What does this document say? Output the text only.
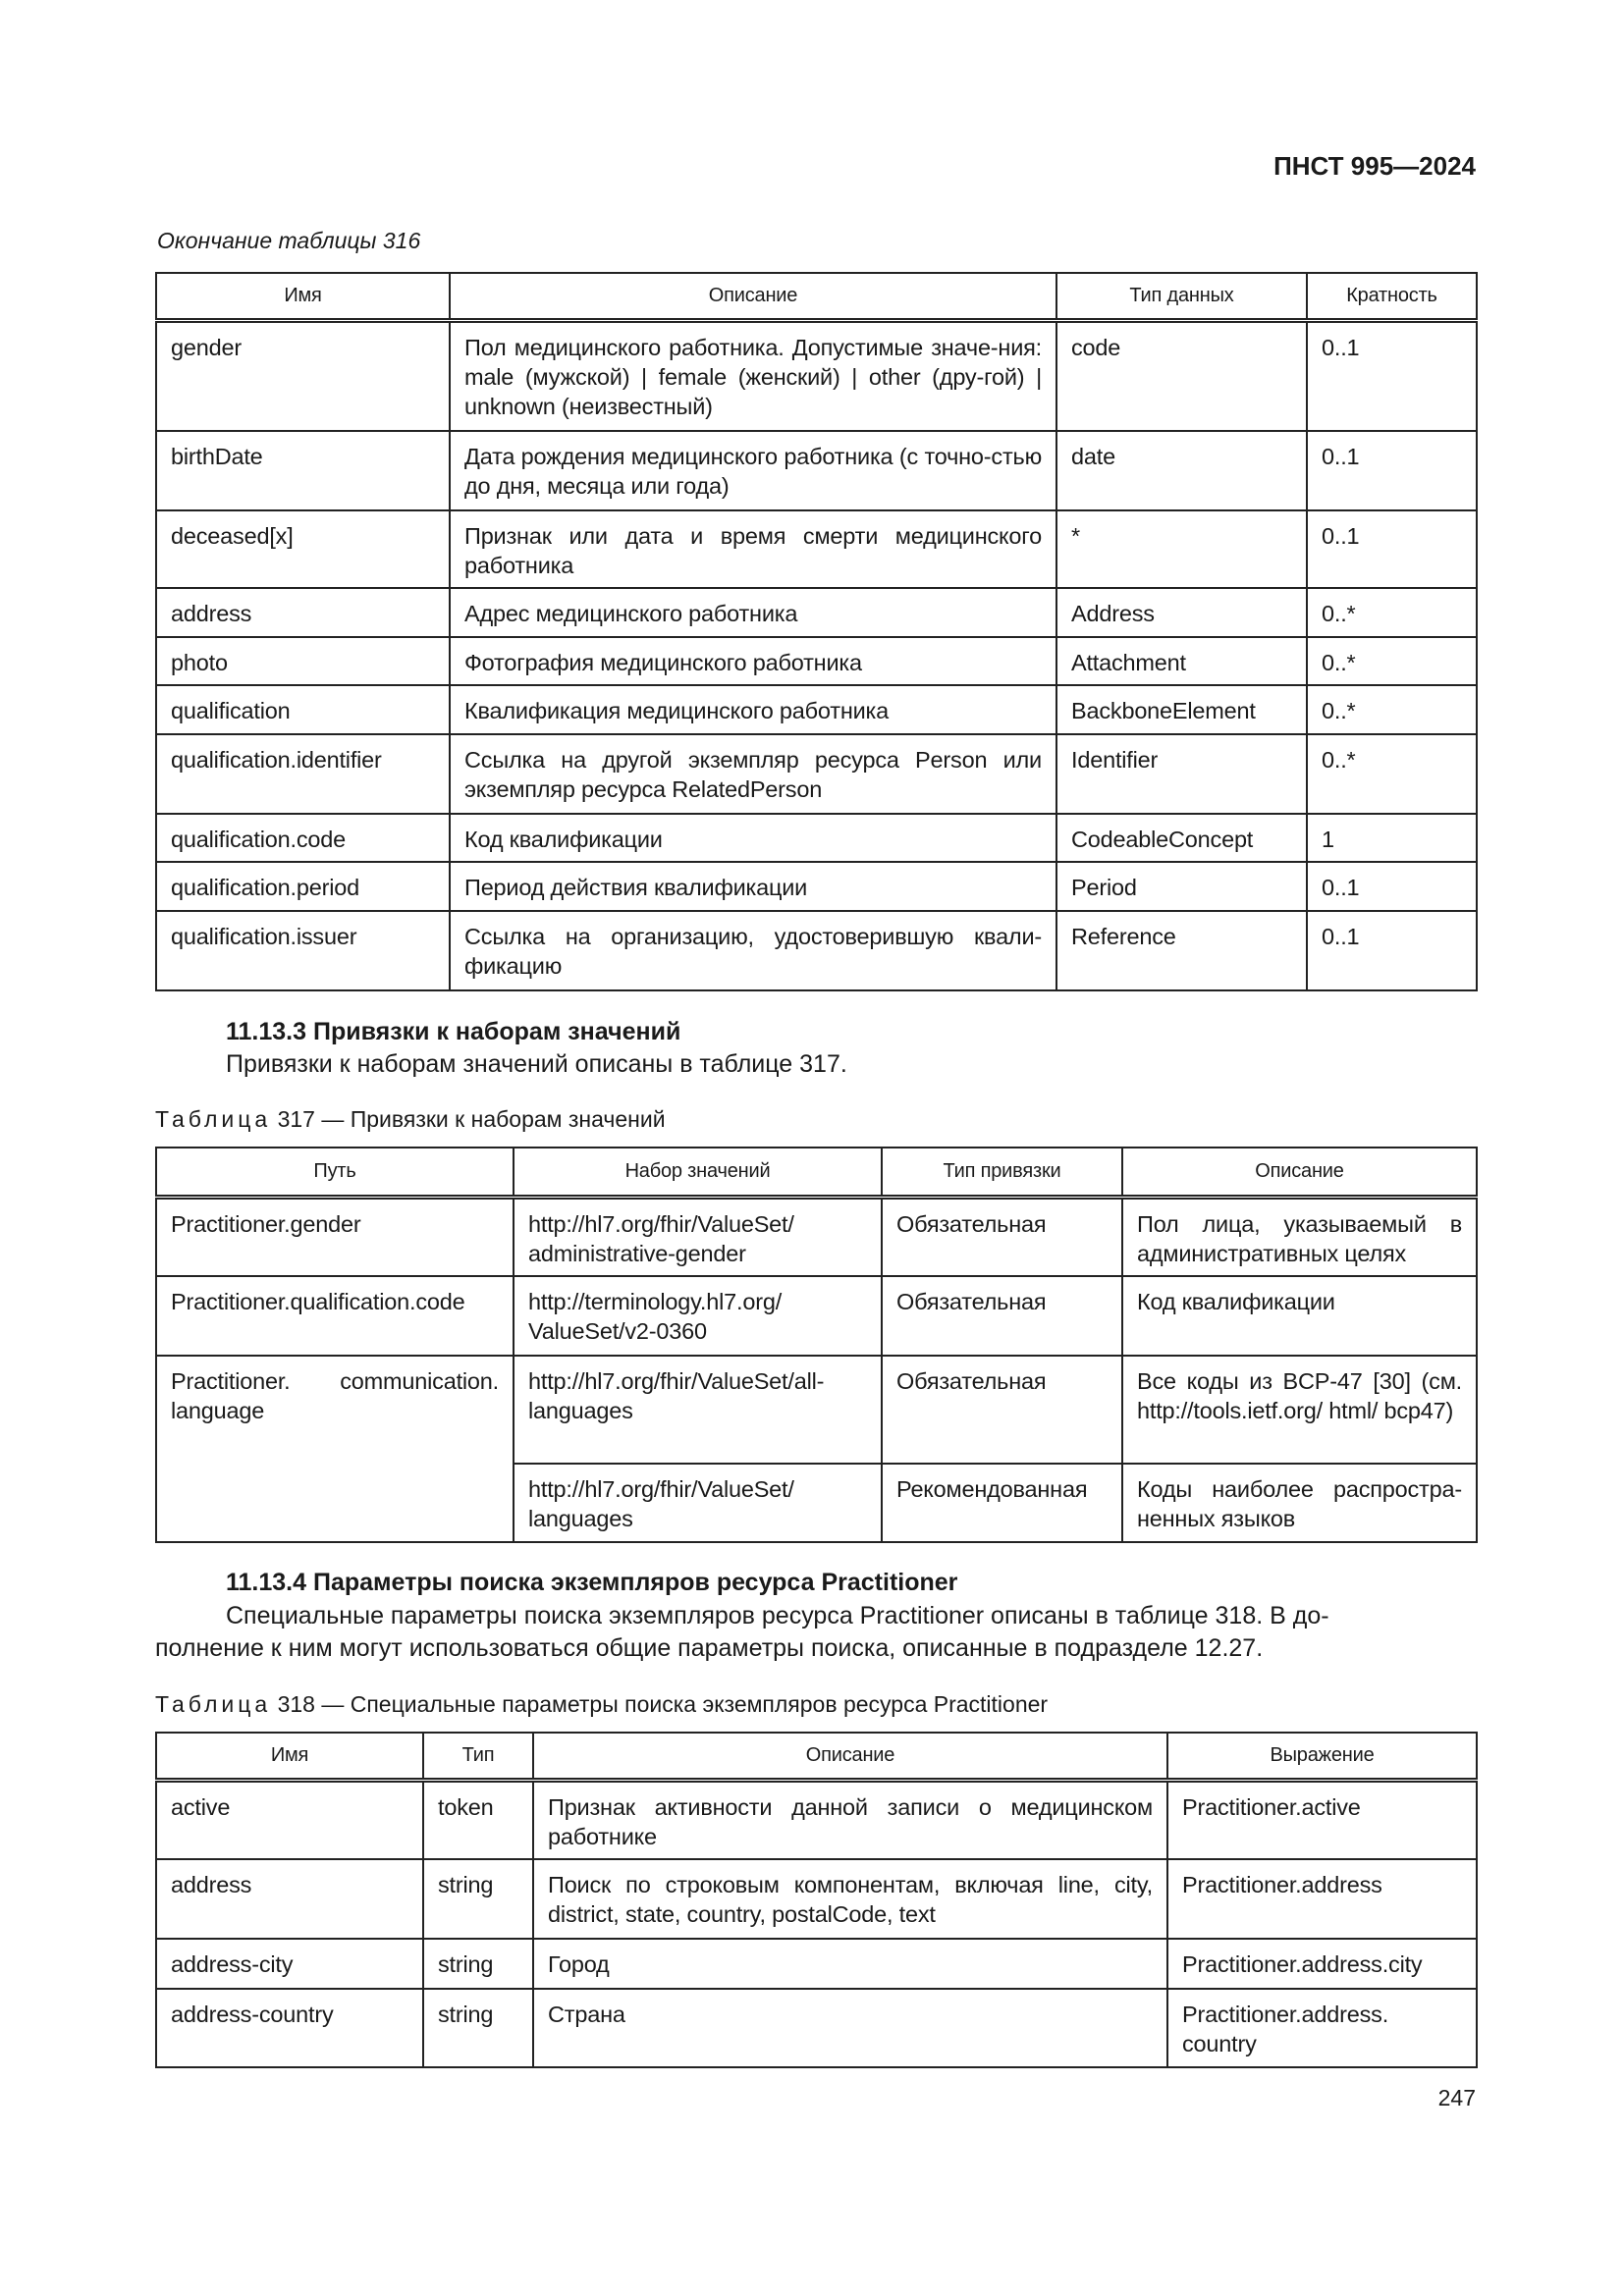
ПНСТ 995—2024
Окончание таблицы 316
Имя	Описание	Тип данных	Кратность
gender	Пол медицинского работника. Допустимые значе-ния: male (мужской) | female (женский) | other (дру-гой) | unknown (неизвестный)	code	0..1
birthDate	Дата рождения медицинского работника (с точно-стью до дня, месяца или года)	date	0..1
deceased[x]	Признак или дата и время смерти медицинского работника	*	0..1
address	Адрес медицинского работника	Address	0..*
photo	Фотография медицинского работника	Attachment	0..*
qualification	Квалификация медицинского работника	BackboneElement	0..*
qualification.identifier	Ссылка на другой экземпляр ресурса Person или экземпляр ресурса RelatedPerson	Identifier	0..*
qualification.code	Код квалификации	CodeableConcept	1
qualification.period	Период действия квалификации	Period	0..1
qualification.issuer	Ссылка на организацию, удостоверившую квали-фикацию	Reference	0..1
11.13.3 Привязки к наборам значений
Привязки к наборам значений описаны в таблице 317.
Таблица 317 — Привязки к наборам значений
Путь	Набор значений	Тип привязки	Описание
Practitioner.gender	http://hl7.org/fhir/ValueSet/ administrative-gender	Обязательная	Пол лица, указываемый в административных целях
Practitioner.qualification.code	http://terminology.hl7.org/ ValueSet/v2-0360	Обязательная	Код квалификации
Practitioner. communication. language	http://hl7.org/fhir/ValueSet/all-languages	Обязательная	Все коды из BCP-47 [30] (см. http://tools.ietf.org/ html/ bcp47)
	http://hl7.org/fhir/ValueSet/ languages	Рекомендованная	Коды наиболее распростра-ненных языков
11.13.4 Параметры поиска экземпляров ресурса Practitioner
Специальные параметры поиска экземпляров ресурса Practitioner описаны в таблице 318. В до-
полнение к ним могут использоваться общие параметры поиска, описанные в подразделе 12.27.
Таблица 318 — Специальные параметры поиска экземпляров ресурса Practitioner
Имя	Тип	Описание	Выражение
active	token	Признак активности данной записи о медицинском работнике	Practitioner.active
address	string	Поиск по строковым компонентам, включая line, city, district, state, country, postalCode, text	Practitioner.address
address-city	string	Город	Practitioner.address.city
address-country	string	Страна	Practitioner.address. country
247
